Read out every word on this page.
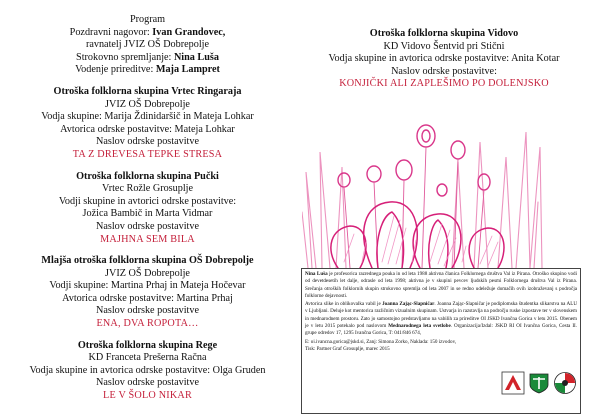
Program
Pozdravni nagovor: Ivan Grandovec,
ravnatelj JVIZ OŠ Dobrepolje
Strokovno spremljanje: Nina Luša
Vodenje prireditve: Maja Lampret
Otroška folklorna skupina Vrtec Ringaraja
JVIZ OŠ Dobrepolje
Vodja skupine: Marija Ždinidaršič in Mateja Lohkar
Avtorica odrske postavitve: Mateja Lohkar
Naslov odrske postavitve
TA Z DREVESA TEPKE STRESA
Otroška folklorna skupina Pučki
Vrtec Rožle Grosuplje
Vodji skupine in avtorici odrske postavitve:
Jožica Bambič in Marta Vidmar
Naslov odrske postavitve
MAJHNA SEM BILA
Mlajša otroška folklorna skupina OŠ Dobrepolje
JVIZ OŠ Dobrepolje
Vodji skupine: Martina Prhaj in Mateja Hočevar
Avtorica odrske postavitve: Martina Prhaj
Naslov odrske postavitve
ENA, DVA ROPOTA…
Otroška folklorna skupina Rege
KD Franceta Prešerna Račna
Vodja skupine in avtorica odrske postavitve: Olga Gruden
Naslov odrske postavitve
LE V ŠOLO NIKAR
Otroška folklorna skupina Vidovo
KD Vidovo Šentvid pri Stični
Vodja skupine in avtorica odrske postavitve: Anita Kotar
Naslov odrske postavitve:
KONJIČKI ALI ZAPLEŠIMO PO DOLENJSKO

Nina Luša je profesorica razrednega pouka in od leta 1988 aktivna članica Folklornega društva Val iz Pirana. Otroško skupino vodi od devetdesetih let dalje, odrasle od leta 1998; aktivna je v skupini pevcev ljudskih pesmi Folklornega društva Val iz Pirana. Srečanja otroških folklornih skupin strokovno spremlja od leta 2007 in se redno udeležuje domačih ovih izobraževanj s področja folklorne dejavnosti.

Avtorica slike in oblikovalka vabil je Joanna Zając-Slapničar. Joanna Zając-Slapničar je podiplomska študentka slikarstva na ALU v Ljubljani. Deluje kot mentorica različnim vizualnim skupinam. Ustvarja in razstavlja na področju ruske izpostave ter v slovenskem in mednarodnem prostoru. Zato jo samostojno predstavljamo na vabilih za prireditve OI JSKD Ivančna Gorica v letu 2015. Obenem je v letu 2015 potekalo pod naslovom Mednarodnega leta svetlobe. Organizacija/Izdal: JSKD RI OI Ivančna Gorica, Cesta II. grupe odredov 17, 1295 Ivančna Gorica, T: 041/846 674,

E: oi.ivancna.gorica@jskd.si, Zanj: Simona Zorko, Naklada: 150 izvodov,
Tisk: Partner Graf Grosuplje, marec 2015
